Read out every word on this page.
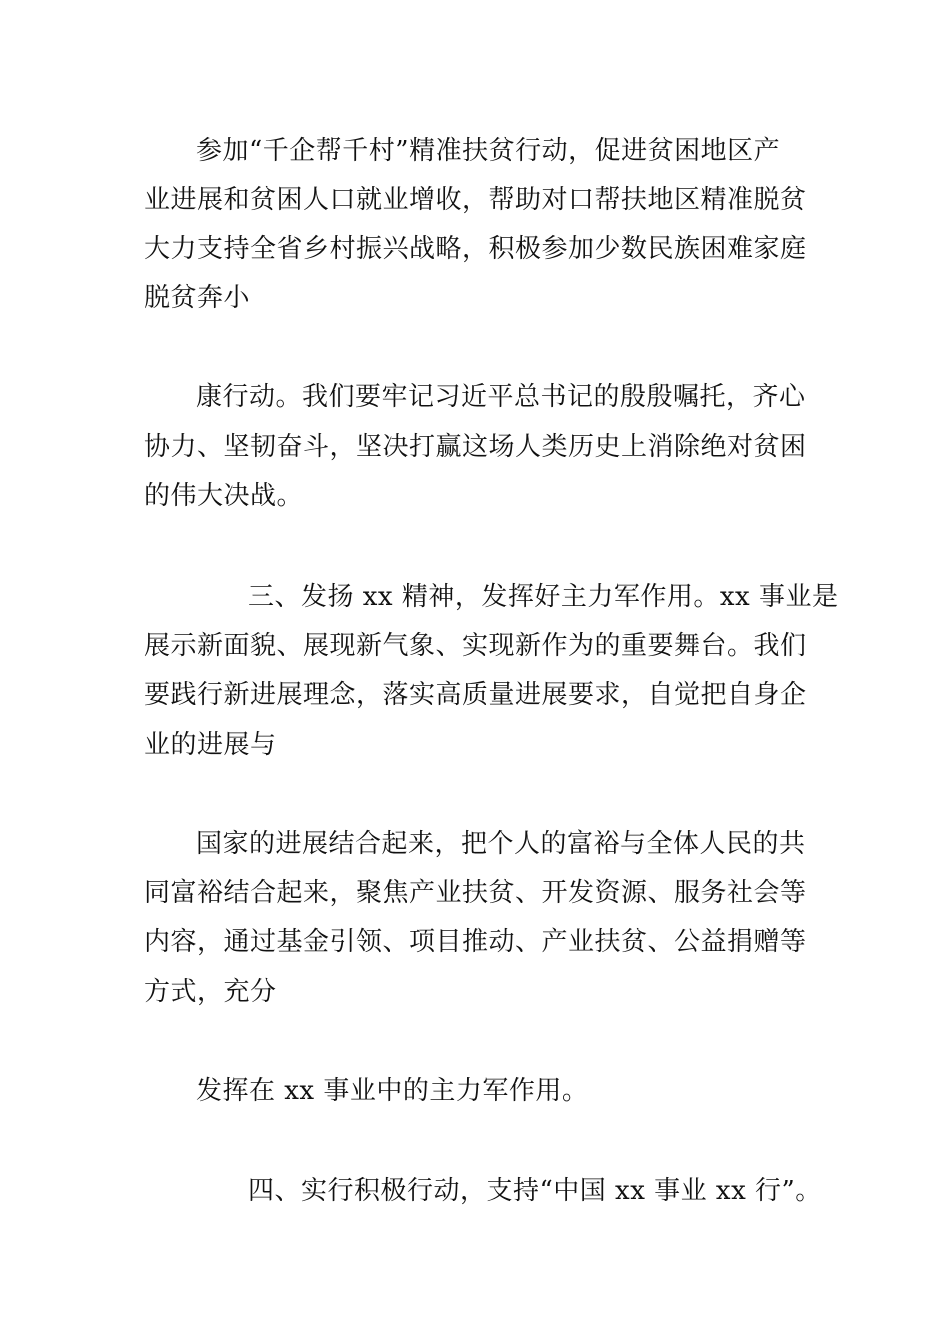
参加“千企帮千村”精准扶贫行动，促进贫困地区产
业进展和贫困人口就业增收，帮助对口帮扶地区精准脱贫
大力支持全省乡村振兴战略，积极参加少数民族困难家庭
脱贫奔小
康行动。我们要牢记习近平总书记的殷殷嘱托，齐心
协力、坚韧奋斗，坚决打赢这场人类历史上消除绝对贫困
的伟大决战。
三、发扬 xx 精神，发挥好主力军作用。xx 事业是
展示新面貌、展现新气象、实现新作为的重要舞台。我们
要践行新进展理念，落实高质量进展要求，自觉把自身企
业的进展与
国家的进展结合起来，把个人的富裕与全体人民的共
同富裕结合起来，聚焦产业扶贫、开发资源、服务社会等
内容，通过基金引领、项目推动、产业扶贫、公益捐赠等
方式，充分
发挥在 xx 事业中的主力军作用。
四、实行积极行动，支持“中国 xx 事业 xx 行”。
